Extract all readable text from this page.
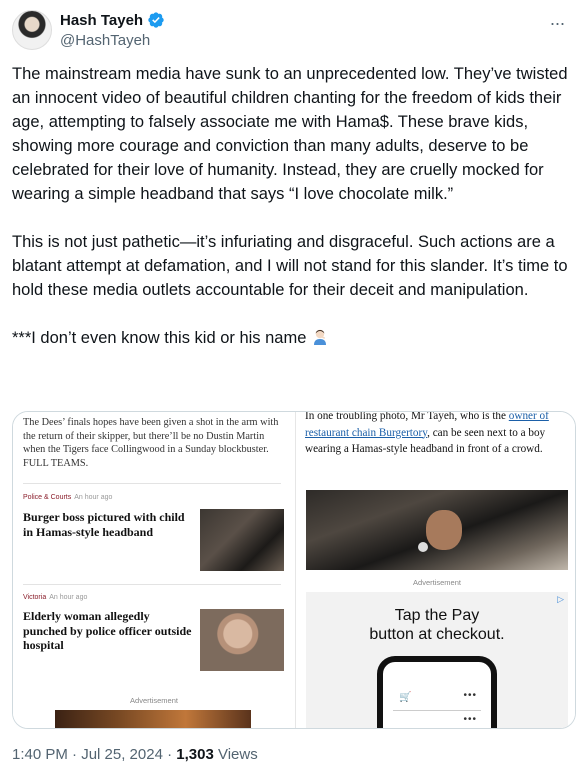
Hash Tayeh
@HashTayeh
···

The mainstream media have sunk to an unprecedented low. They’ve twisted an innocent video of beautiful children chanting for the freedom of kids their age, attempting to falsely associate me with Hama$. These brave kids, showing more courage and conviction than many adults, deserve to be celebrated for their love of humanity. Instead, they are cruelly mocked for wearing a simple headband that says “I love chocolate milk.”

This is not just pathetic—it’s infuriating and disgraceful. Such actions are a blatant attempt at defamation, and I will not stand for this slander. It’s time to hold these media outlets accountable for their deceit and manipulation.

***I don’t even know this kid or his name

The Dees’ finals hopes have been given a shot in the arm with the return of their skipper, but there’ll be no Dustin Martin when the Tigers face Collingwood in a Sunday blockbuster. FULL TEAMS.
Police & Courts An hour ago
Burger boss pictured with child in Hamas-style headband
Victoria An hour ago
Elderly woman allegedly punched by police officer outside hospital
Advertisement
In one troubling photo, Mr Tayeh, who is the owner of restaurant chain Burgertory, can be seen next to a boy wearing a Hamas-style headband in front of a crowd.
Advertisement
▷
Tap the Pay
button at checkout.
🛒	•••
•••
1:40 PM · Jul 25, 2024 · 1,303 Views
